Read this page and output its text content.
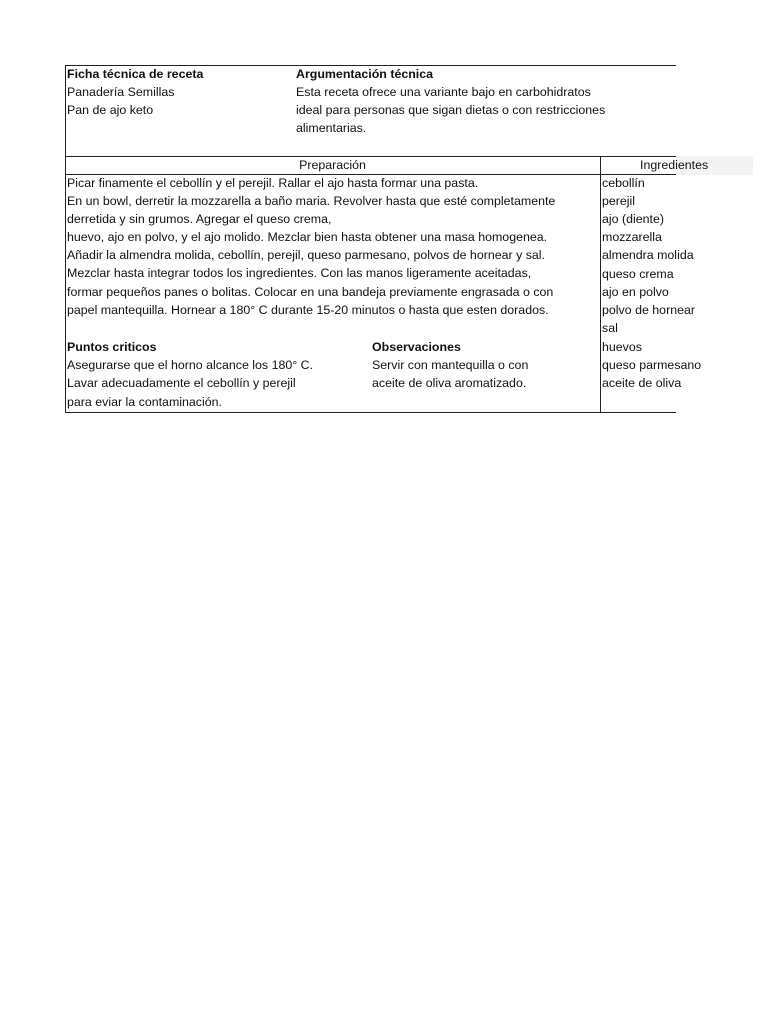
Ficha técnica de receta
Panadería Semillas
Pan de ajo keto
Argumentación técnica
Esta receta ofrece una variante bajo en carbohidratos
ideal para personas que sigan dietas o con restricciones
alimentarias.
Preparación	Ingredientes
Picar finamente el cebollín y el perejil. Rallar el ajo hasta formar una pasta.
En un bowl, derretir la mozzarella a baño maria. Revolver hasta que esté completamente
derretida y sin grumos. Agregar el queso crema,
huevo, ajo en polvo, y el ajo molido. Mezclar bien hasta obtener una masa homogenea.
Añadir la almendra molida, cebollín, perejil, queso parmesano, polvos de hornear y sal.
Mezclar hasta integrar todos los ingredientes. Con las manos ligeramente aceitadas,
formar pequeños panes o bolitas. Colocar en una bandeja previamente engrasada o con
papel mantequilla. Hornear a 180° C durante 15-20 minutos o hasta que esten dorados.
Puntos criticos
Asegurarse que el horno alcance los 180° C.
Lavar adecuadamente el cebollín y perejil
para eviar la contaminación.
Observaciones
Servir con mantequilla o con
aceite de oliva aromatizado.
cebollín
perejil
ajo (diente)
mozzarella
almendra molida
queso crema
ajo en polvo
polvo de hornear
sal
huevos
queso parmesano
aceite de oliva
